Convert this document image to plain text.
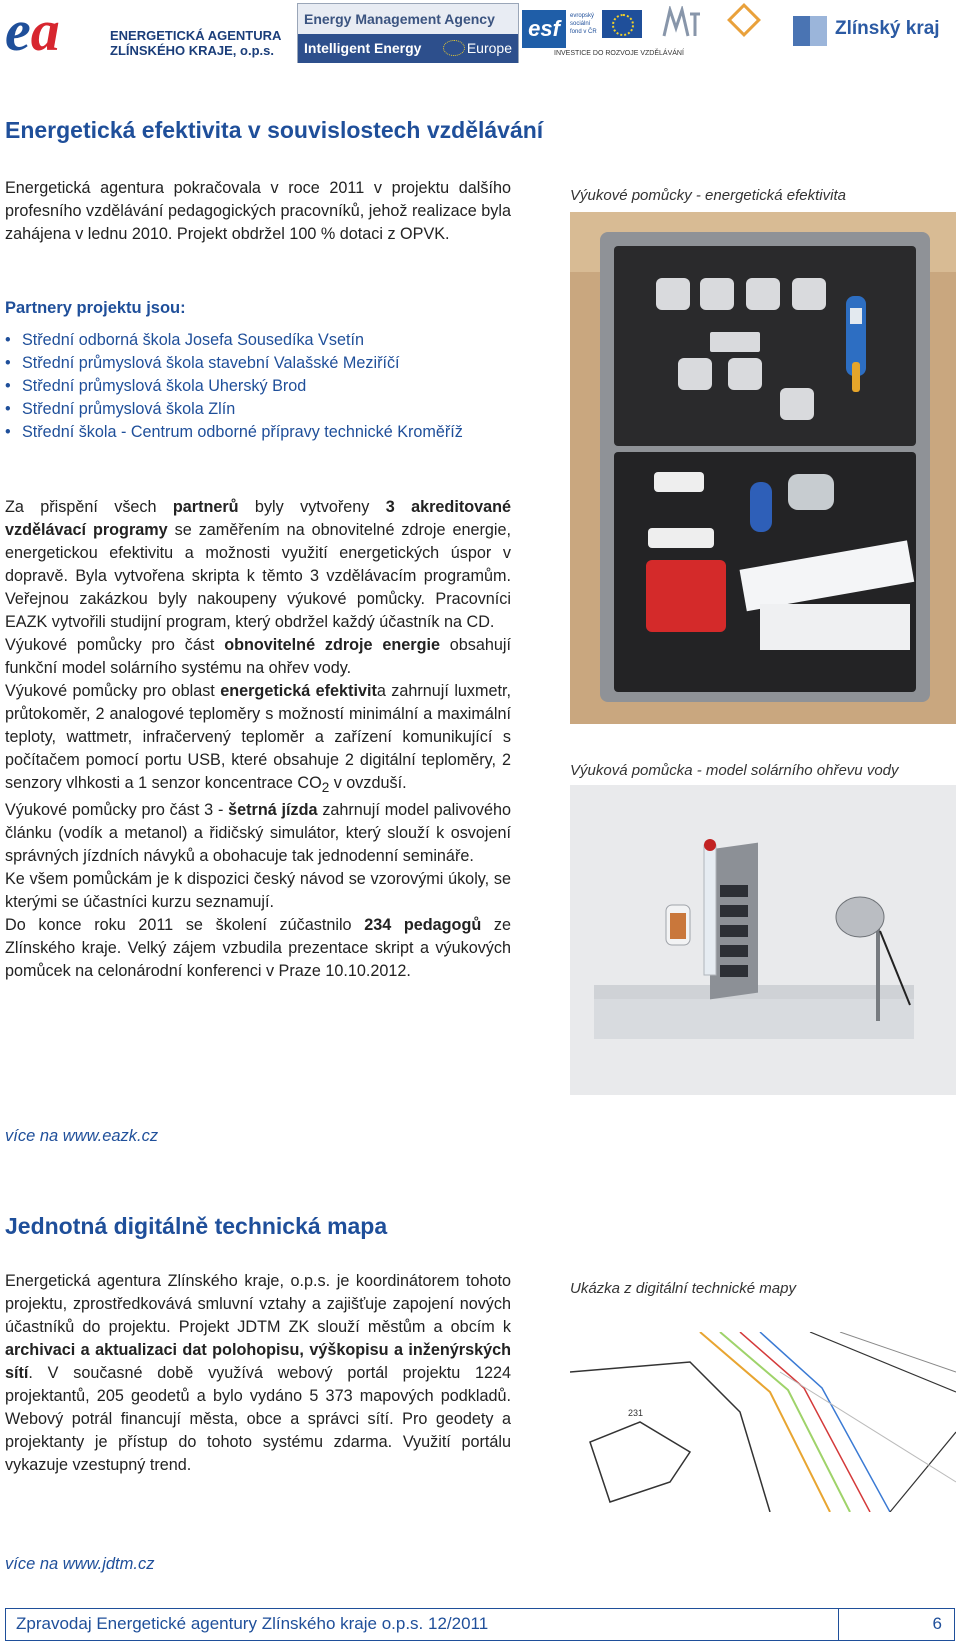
ea	ENERGETICKÁ AGENTURA
ZLÍNSKÉHO KRAJE, o.p.s.
Energy Management Agency
Intelligent Energy	Europe
esf	evropský sociální fond v ČR
INVESTICE DO ROZVOJE VZDĚLÁVÁNÍ
Zlínský kraj
Energetická efektivita v souvislostech vzdělávání

Energetická agentura pokračovala v roce 2011 v projektu dalšího profesního vzdělávání pedagogických pracovníků, jehož realizace byla zahájena v lednu 2010. Projekt obdržel 100 % dotaci z OPVK.

Partnery projektu jsou:
• Střední odborná škola Josefa Sousedíka Vsetín
• Střední průmyslová škola stavební Valašské Meziříčí
• Střední průmyslová škola Uherský Brod
• Střední průmyslová škola Zlín
• Střední škola - Centrum odborné přípravy technické Kroměříž

Za přispění všech partnerů byly vytvořeny 3 akreditované vzdělávací programy se zaměřením na obnovitelné zdroje energie, energetickou efektivitu a možnosti využití energetických úspor v dopravě. Byla vytvořena skripta k těmto 3 vzdělávacím programům. Veřejnou zakázkou byly nakoupeny výukové pomůcky. Pracovníci EAZK vytvořili studijní program, který obdržel každý účastník na CD.

Výukové pomůcky pro část obnovitelné zdroje energie obsahují funkční model solárního systému na ohřev vody.

Výukové pomůcky pro oblast energetická efektivita zahrnují luxmetr, průtokoměr, 2 analogové teploměry s možností minimální a maximální teploty, wattmetr, infračervený teploměr a zařízení komunikující s počítačem pomocí portu USB, které obsahuje 2 digitální teploměry, 2 senzory vlhkosti a 1 senzor koncentrace $CO_2$ v ovzduší.

Výukové pomůcky pro část 3 - šetrná jízda zahrnují model palivového článku (vodík a metanol) a řidičský simulátor, který slouží k osvojení správných jízdních návyků a obohacuje tak jednodenní semináře.

Ke všem pomůckám je k dispozici český návod se vzorovými úkoly, se kterými se účastníci kurzu seznamují.

Do konce roku 2011 se školení zúčastnilo 234 pedagogů ze Zlínského kraje. Velký zájem vzbudila prezentace skript a výukových pomůcek na celonárodní konferenci v Praze 10.10.2012.

Výukové pomůcky - energetická efektivita
Výuková pomůcka - model solárního ohřevu vody
více na www.eazk.cz
Jednotná digitálně technická mapa
Energetická agentura Zlínského kraje, o.p.s. je koordinátorem tohoto projektu, zprostředkovává smluvní vztahy a zajišťuje zapojení nových účastníků do projektu. Projekt JDTM ZK slouží městům a obcím k archivaci a aktualizaci dat polohopisu, výškopisu a inženýrských sítí. V současné době využívá webový portál projektu 1224 projektantů, 205 geodetů a bylo vydáno 5 373 mapových podkladů. Webový potrál financují města, obce a správci sítí. Pro geodety a projektanty je přístup do tohoto systému zdarma. Využití portálu vykazuje vzestupný trend.
Ukázka z digitální technické mapy
231
více na www.jdtm.cz
Zpravodaj Energetické agentury Zlínského kraje o.p.s. 12/2011	6
